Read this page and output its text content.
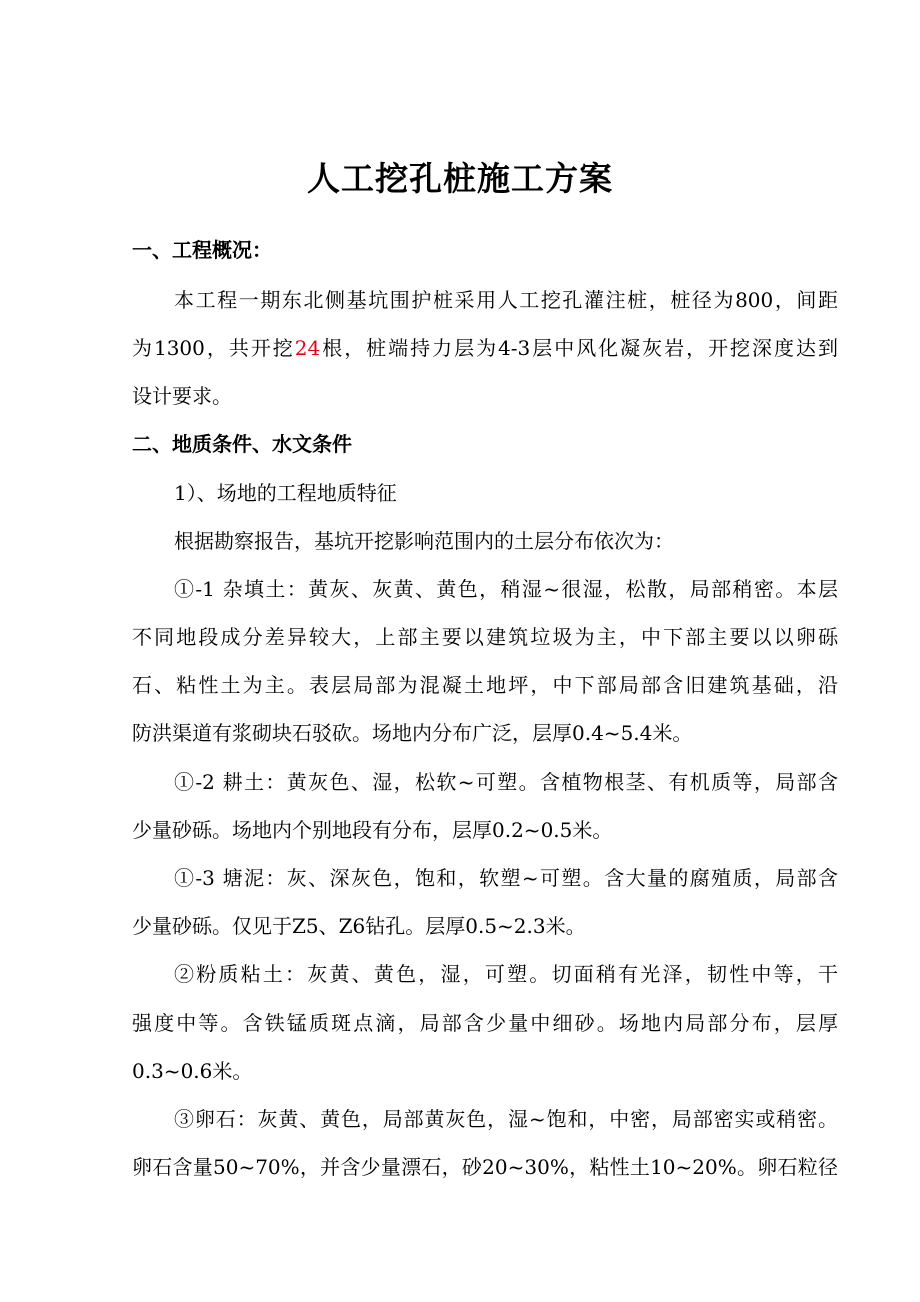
人工挖孔桩施工方案
一、工程概况：
本工程一期东北侧基坑围护桩采用人工挖孔灌注桩，桩径为800，间距
为1300，共开挖24根，桩端持力层为4-3层中风化凝灰岩，开挖深度达到
设计要求。
二、地质条件、水文条件
1）、场地的工程地质特征
根据勘察报告，基坑开挖影响范围内的土层分布依次为：
①-1 杂填土：黄灰、灰黄、黄色，稍湿~很湿，松散，局部稍密。本层
不同地段成分差异较大，上部主要以建筑垃圾为主，中下部主要以以卵砾
石、粘性土为主。表层局部为混凝土地坪，中下部局部含旧建筑基础，沿
防洪渠道有浆砌块石驳砍。场地内分布广泛，层厚0.4~5.4米。
①-2 耕土：黄灰色、湿，松软~可塑。含植物根茎、有机质等，局部含
少量砂砾。场地内个别地段有分布，层厚0.2~0.5米。
①-3 塘泥：灰、深灰色，饱和，软塑~可塑。含大量的腐殖质，局部含
少量砂砾。仅见于Z5、Z6钻孔。层厚0.5~2.3米。
②粉质粘土：灰黄、黄色，湿，可塑。切面稍有光泽，韧性中等，干
强度中等。含铁锰质斑点滴，局部含少量中细砂。场地内局部分布，层厚
0.3~0.6米。
③卵石：灰黄、黄色，局部黄灰色，湿~饱和，中密，局部密实或稍密。
卵石含量50~70%，并含少量漂石，砂20~30%，粘性土10~20%。卵石粒径
